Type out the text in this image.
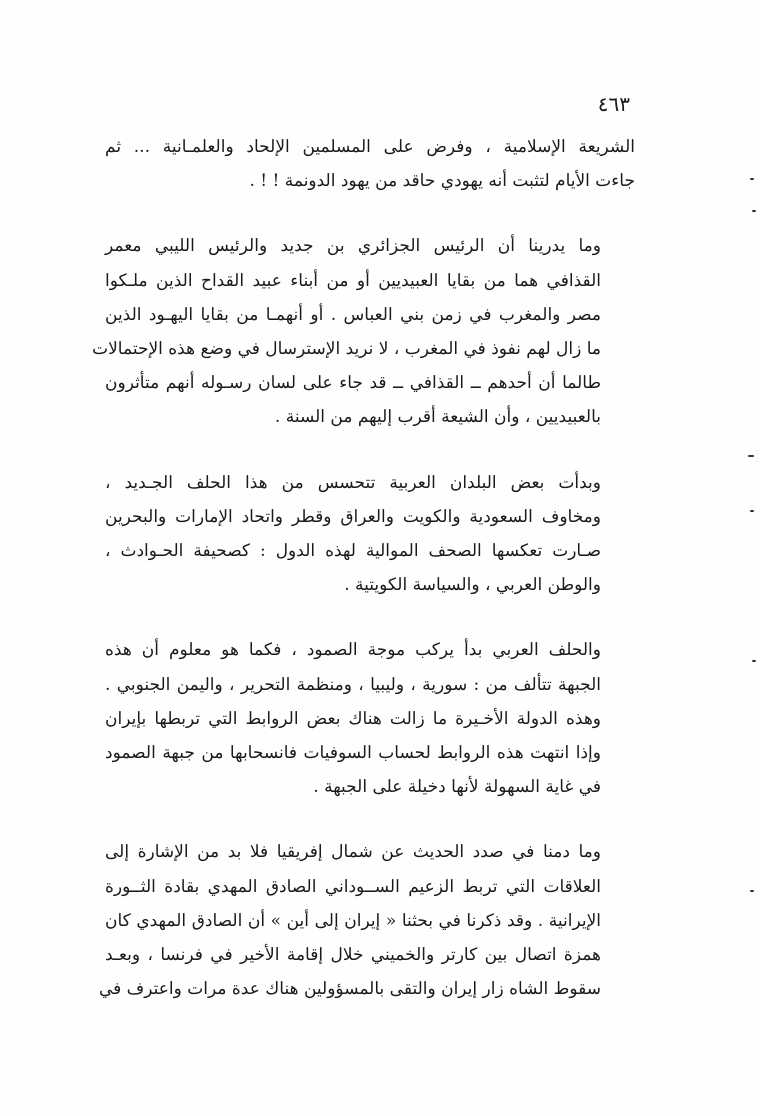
٤٦٣
الشريعة الإسلامية ، وفرض على المسلمين الإلحاد والعلمـانية ... ثم
جاءت الأيام لتثبت أنه يهودي حاقد من يهود الدونمة ! ! .
وما يدرينا أن الرئيس الجزائري بن جديد والرئيس الليبي معمر
القذافي هما من بقايا العبيديين أو من أبناء عبيد القداح الذين ملـكوا
مصر والمغرب في زمن بني العباس . أو أنهمـا من بقايا اليهـود الذين
ما زال لهم نفوذ في المغرب ، لا نريد الإسترسال في وضع هذه الإحتمالات
طالما أن أحدهم ــ القذافي ــ قد جاء على لسان رسـوله أنهم متأثرون
بالعبيديين ، وأن الشيعة أقرب إليهم من السنة .
وبدأت بعض البلدان العربية تتحسس من هذا الحلف الجـديد ،
ومخاوف السعودية والكويت والعراق وقطر واتحاد الإمارات والبحرين
صـارت تعكسها الصحف الموالية لهذه الدول : كصحيفة الحـوادث ،
والوطن العربي ، والسياسة الكويتية .
والحلف العربي بدأ يركب موجة الصمود ، فكما هو معلوم أن هذه
الجبهة تتألف من : سورية ، وليبيا ، ومنظمة التحرير ، واليمن الجنوبي .
وهذه الدولة الأخـيرة ما زالت هناك بعض الروابط التي تربطها بإيران
وإذا انتهت هذه الروابط لحساب السوفيات فانسحابها من جبهة الصمود
في غاية السهولة لأنها دخيلة على الجبهة .
وما دمنا في صدد الحديث عن شمال إفريقيا فلا بد من الإشارة إلى
العلاقات التي تربط الزعيم الســوداني الصادق المهدي بقادة الثــورة
الإيرانية . وقد ذكرنا في بحثنا « إيران إلى أين » أن الصادق المهدي كان
همزة اتصال بين كارتر والخميني خلال إقامة الأخير في فرنسا ، وبعـد
سقوط الشاه زار إيران والتقى بالمسؤولين هناك عدة مرات واعترف في
